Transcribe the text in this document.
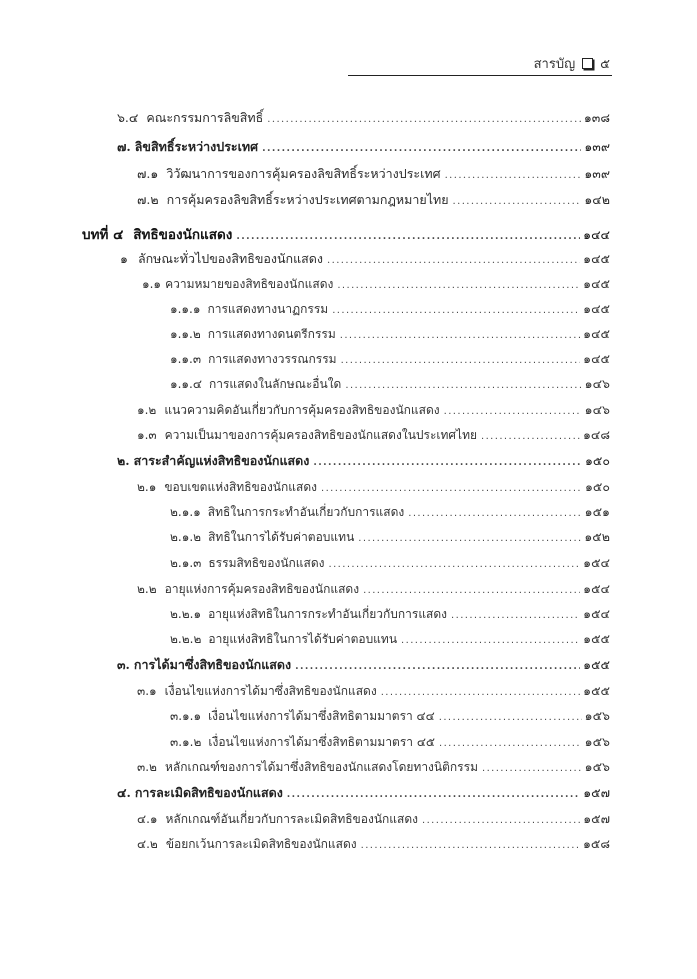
สารบัญ ๕
๖.๔ คณะกรรมการลิขสิทธิ์ .....	๑๓๘
๗. ลิขสิทธิ์ระหว่างประเทศ .....	๑๓๙
๗.๑ วิวัฒนาการของการคุ้มครองลิขสิทธิ์ระหว่างประเทศ .....	๑๓๙
๗.๒ การคุ้มครองลิขสิทธิ์ระหว่างประเทศตามกฎหมายไทย .....	๑๔๒
บทที่ ๔ สิทธิของนักแสดง .....	๑๔๔
๑ ลักษณะทั่วไปของสิทธิของนักแสดง .....	๑๔๕
๑.๑ ความหมายของสิทธิของนักแสดง .....	๑๔๕
๑.๑.๑ การแสดงทางนาฏกรรม .....	๑๔๕
๑.๑.๒ การแสดงทางดนตรีกรรม .....	๑๔๕
๑.๑.๓ การแสดงทางวรรณกรรม .....	๑๔๕
๑.๑.๔ การแสดงในลักษณะอื่นใด .....	๑๔๖
๑.๒ แนวความคิดอันเกี่ยวกับการคุ้มครองสิทธิของนักแสดง .....	๑๔๖
๑.๓ ความเป็นมาของการคุ้มครองสิทธิของนักแสดงในประเทศไทย .....	๑๔๘
๒. สาระสำคัญแห่งสิทธิของนักแสดง .....	๑๕๐
๒.๑ ขอบเขตแห่งสิทธิของนักแสดง .....	๑๕๐
๒.๑.๑ สิทธิในการกระทำอันเกี่ยวกับการแสดง .....	๑๕๑
๒.๑.๒ สิทธิในการได้รับค่าตอบแทน .....	๑๕๒
๒.๑.๓ ธรรมสิทธิของนักแสดง .....	๑๕๔
๒.๒ อายุแห่งการคุ้มครองสิทธิของนักแสดง .....	๑๕๔
๒.๒.๑ อายุแห่งสิทธิในการกระทำอันเกี่ยวกับการแสดง .....	๑๕๔
๒.๒.๒ อายุแห่งสิทธิในการได้รับค่าตอบแทน .....	๑๕๕
๓. การได้มาซึ่งสิทธิของนักแสดง .....	๑๕๕
๓.๑ เงื่อนไขแห่งการได้มาซึ่งสิทธิของนักแสดง .....	๑๕๕
๓.๑.๑ เงื่อนไขแห่งการได้มาซึ่งสิทธิตามมาตรา ๔๔ .....	๑๕๖
๓.๑.๒ เงื่อนไขแห่งการได้มาซึ่งสิทธิตามมาตรา ๔๕ .....	๑๕๖
๓.๒ หลักเกณฑ์ของการได้มาซึ่งสิทธิของนักแสดงโดยทางนิติกรรม .....	๑๕๖
๔. การละเมิดสิทธิของนักแสดง .....	๑๕๗
๔.๑ หลักเกณฑ์อันเกี่ยวกับการละเมิดสิทธิของนักแสดง .....	๑๕๗
๔.๒ ข้อยกเว้นการละเมิดสิทธิของนักแสดง .....	๑๕๘
